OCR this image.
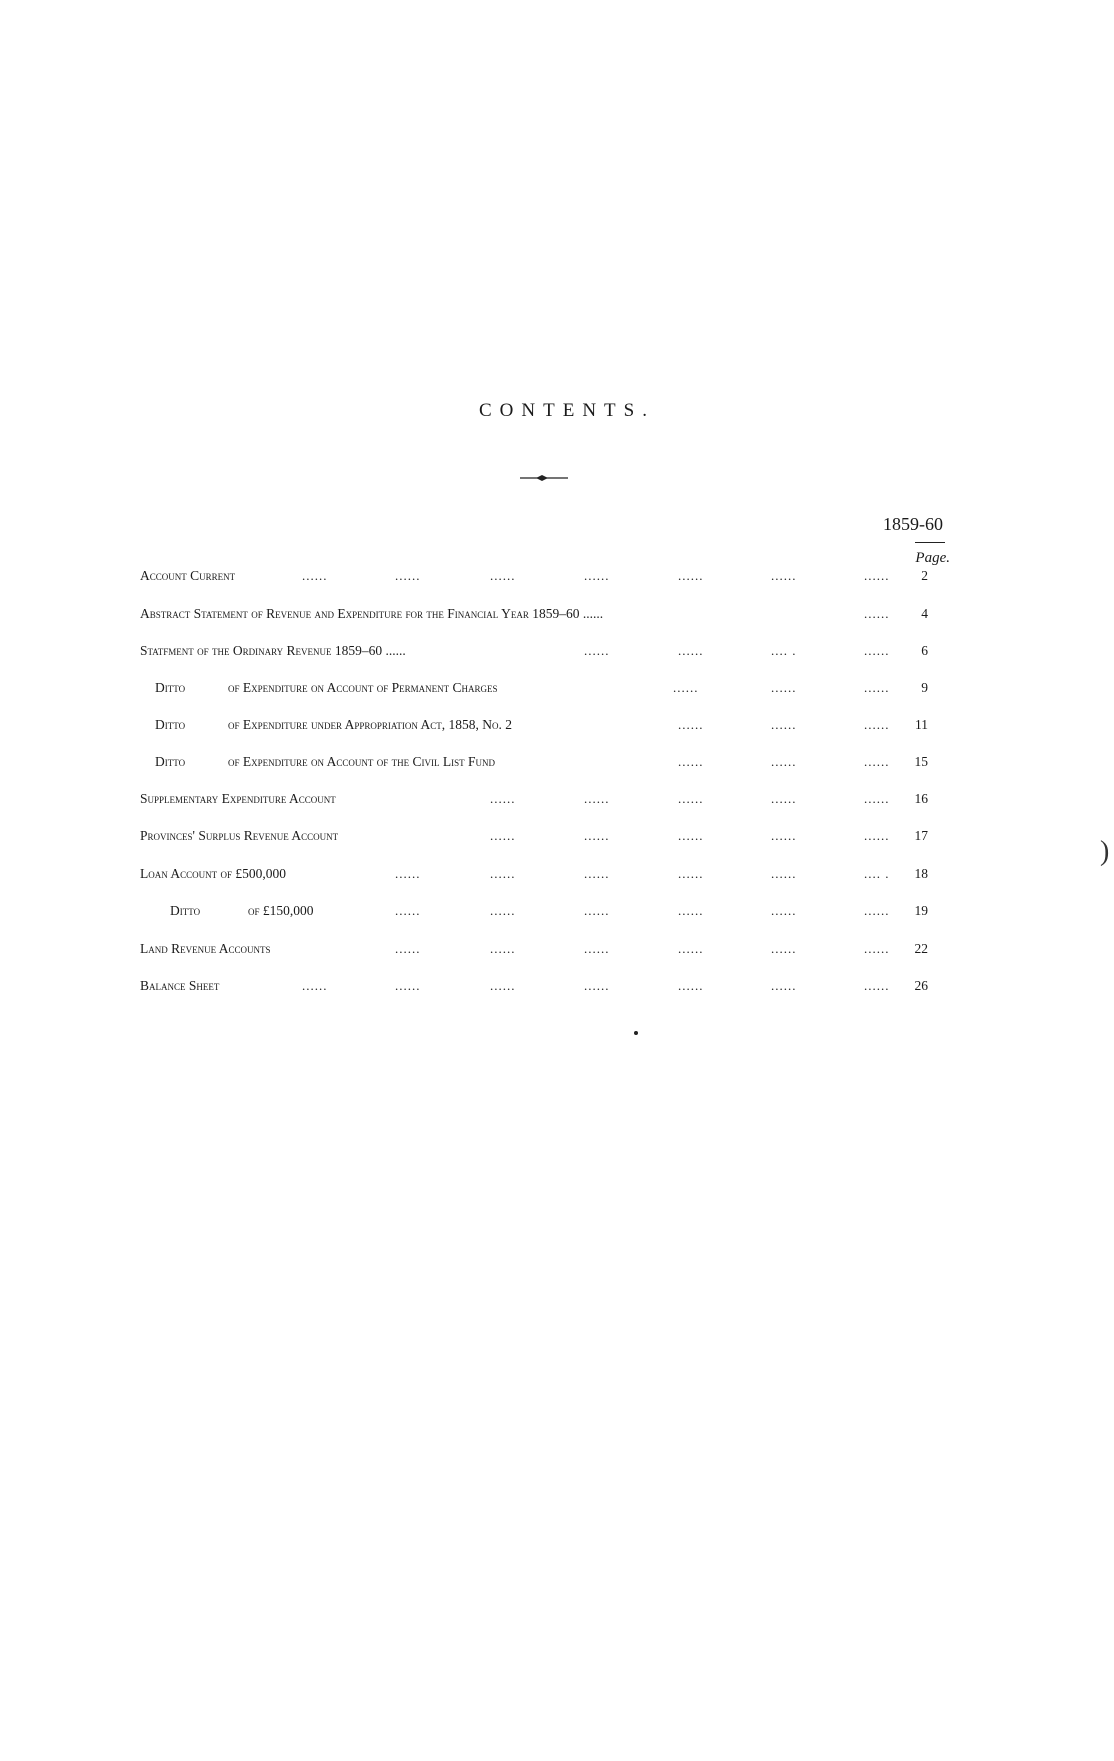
CONTENTS.
1859-60
Page.
Account Current	......	......	......	......	......	......	......	2
Abstract Statement of Revenue and Expenditure for the Financial Year 1859–60 ......	......	4
Statfment of the Ordinary Revenue 1859–60 ......	......	......	.... .	......	6
Ditto	of Expenditure on Account of Permanent Charges	......	......	......	9
Ditto	of Expenditure under Appropriation Act, 1858, No. 2	......	......	......	11
Ditto	of Expenditure on Account of the Civil List Fund	......	......	......	15
Supplementary Expenditure Account	......	......	......	......	......	16
Provinces' Surplus Revenue Account	......	......	......	......	......	17
Loan Account of £500,000	......	......	......	......	......	.... .	18
Ditto	of £150,000	......	......	......	......	......	......	19
Land Revenue Accounts	......	......	......	......	......	......	22
Balance Sheet	......	......	......	......	......	......	......	26
)
